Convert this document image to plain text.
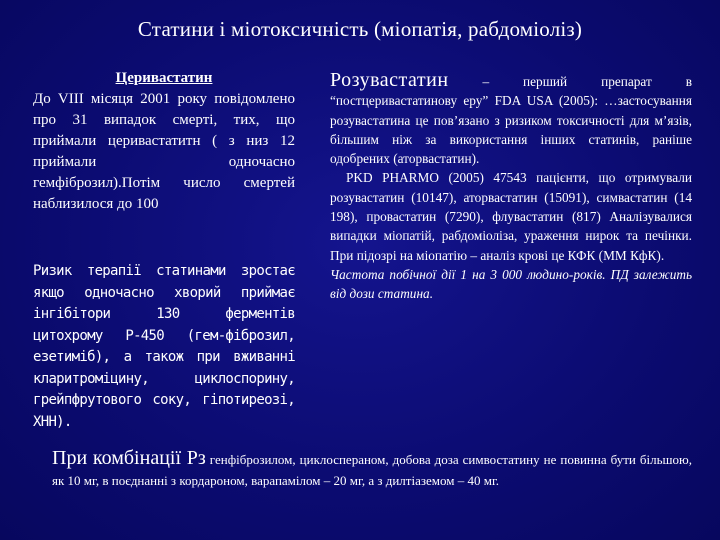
Статини і міотоксичність (міопатія, рабдоміоліз)
Церивастатин

До VIII місяця 2001 року повідомлено про 31 випадок смерті, тих, що приймали церивастатитн ( з низ 12 приймали одночасно гемфіброзил).Потім число смертей наблизилося до 100

Ризик терапії статинами зростає якщо одночасно хворий приймає інгібітори 130 ферментів цитохрому Р-450 (гем-фіброзил, езетиміб), а також при вживанні кларитроміцину, циклоспорину, грейпфрутового соку, гіпотиреозі, ХНН).

Розувастатин – перший препарат в “постцеривастатинову еру” FDA USA (2005): …застосування розувастатина це пов’язано з ризиком токсичності для м’язів, більшим ніж за використання інших статинів, раніше одобрених (аторвастатин).

PKD PHARMO (2005) 47543 пацієнти, що отримували розувастатин (10147), аторвастатин (15091), симвастатин (14 198), провастатин (7290), флувастатин (817) Аналізувалися випадки міопатій, рабдоміоліза, ураження нирок та печінки. При підозрі на міопатію – аналіз крові це КФК (ММ КфК).

Частота побічної дії 1 на 3 000 людино-років. ПД залежить від дози статина.

При комбінації Рз генфіброзилом, циклоспераном, добова доза симвостатину не повинна бути більшою, як 10 мг, в поєднанні з кордароном, варапамілом – 20 мг, а з дилтіаземом – 40 мг.
